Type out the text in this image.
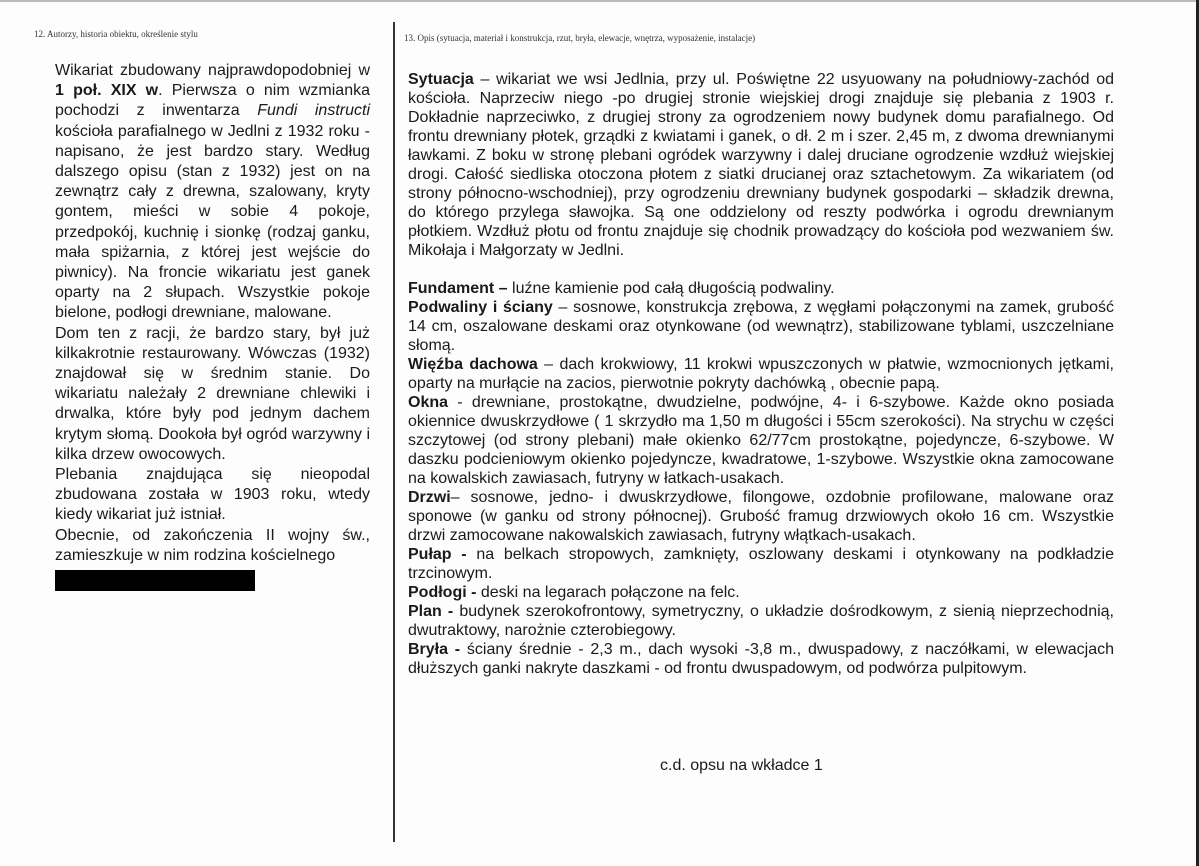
12. Autorzy, historia obiektu, określenie stylu	13. Opis (sytuacja, materiał i konstrukcja, rzut, bryła, elewacje, wnętrza, wyposażenie, instalacje)

Wikariat zbudowany najprawdopodobniej w 1 poł. XIX w. Pierwsza o nim wzmianka pochodzi z inwentarza Fundi instructi kościoła parafialnego w Jedlni z 1932 roku - napisano, że jest bardzo stary. Według dalszego opisu (stan z 1932) jest on na zewnątrz cały z drewna, szalowany, kryty gontem, mieści w sobie 4 pokoje, przedpokój, kuchnię i sionkę (rodzaj ganku, mała spiżarnia, z której jest wejście do piwnicy). Na froncie wikariatu jest ganek oparty na 2 słupach. Wszystkie pokoje bielone, podłogi drewniane, malowane.

Dom ten z racji, że bardzo stary, był już kilkakrotnie restaurowany. Wówczas (1932) znajdował się w średnim stanie. Do wikariatu należały 2 drewniane chlewiki i drwalka, które były pod jednym dachem krytym słomą. Dookoła był ogród warzywny i kilka drzew owocowych.

Plebania znajdująca się nieopodal zbudowana została w 1903 roku, wtedy kiedy wikariat już istniał.

Obecnie, od zakończenia II wojny św., zamieszkuje w nim rodzina kościelnego

Sytuacja – wikariat we wsi Jedlnia, przy ul. Poświętne 22 usyuowany na południowy-zachód od kościoła. Naprzeciw niego -po drugiej stronie wiejskiej drogi znajduje się plebania z 1903 r. Dokładnie naprzeciwko, z drugiej strony za ogrodzeniem nowy budynek domu parafialnego. Od frontu drewniany płotek, grządki z kwiatami i ganek, o dł. 2 m i szer. 2,45 m, z dwoma drewnianymi ławkami. Z boku w stronę plebani ogródek warzywny i dalej druciane ogrodzenie wzdłuż wiejskiej drogi. Całość siedliska otoczona płotem z siatki drucianej oraz sztachetowym. Za wikariatem (od strony północno-wschodniej), przy ogrodzeniu drewniany budynek gospodarki – składzik drewna, do którego przylega sławojka. Są one oddzielony od reszty podwórka i ogrodu drewnianym płotkiem. Wzdłuż płotu od frontu znajduje się chodnik prowadzący do kościoła pod wezwaniem św. Mikołaja i Małgorzaty w Jedlni.

Fundament – luźne kamienie pod całą długością podwaliny.

Podwaliny i ściany – sosnowe, konstrukcja zrębowa, z węgłami połączonymi na zamek, grubość 14 cm, oszalowane deskami oraz otynkowane (od wewnątrz), stabilizowane tyblami, uszczelniane słomą.

Więźba dachowa – dach krokwiowy, 11 krokwi wpuszczonych w płatwie, wzmocnionych jętkami, oparty na murłącie na zacios, pierwotnie pokryty dachówką , obecnie papą.

Okna - drewniane, prostokątne, dwudzielne, podwójne, 4- i 6-szybowe. Każde okno posiada okiennice dwuskrzydłowe ( 1 skrzydło ma 1,50 m długości i 55cm szerokości). Na strychu w części szczytowej (od strony plebani) małe okienko 62/77cm prostokątne, pojedyncze, 6-szybowe. W daszku podcieniowym okienko pojedyncze, kwadratowe, 1-szybowe. Wszystkie okna zamocowane na kowalskich zawiasach, futryny w łatkach-usakach.

Drzwi– sosnowe, jedno- i dwuskrzydłowe, filongowe, ozdobnie profilowane, malowane oraz sponowe (w ganku od strony północnej). Grubość framug drzwiowych około 16 cm. Wszystkie drzwi zamocowane nakowalskich zawiasach, futryny włątkach-usakach.

Pułap - na belkach stropowych, zamknięty, oszlowany deskami i otynkowany na podkładzie trzcinowym.

Podłogi - deski na legarach połączone na felc.

Plan - budynek szerokofrontowy, symetryczny, o układzie dośrodkowym, z sienią nieprzechodnią, dwutraktowy, narożnie czterobiegowy.

Bryła - ściany średnie - 2,3 m., dach wysoki -3,8 m., dwuspadowy, z naczółkami, w elewacjach dłuższych ganki nakryte daszkami - od frontu dwuspadowym, od podwórza pulpitowym.

c.d. opsu na wkładce 1
